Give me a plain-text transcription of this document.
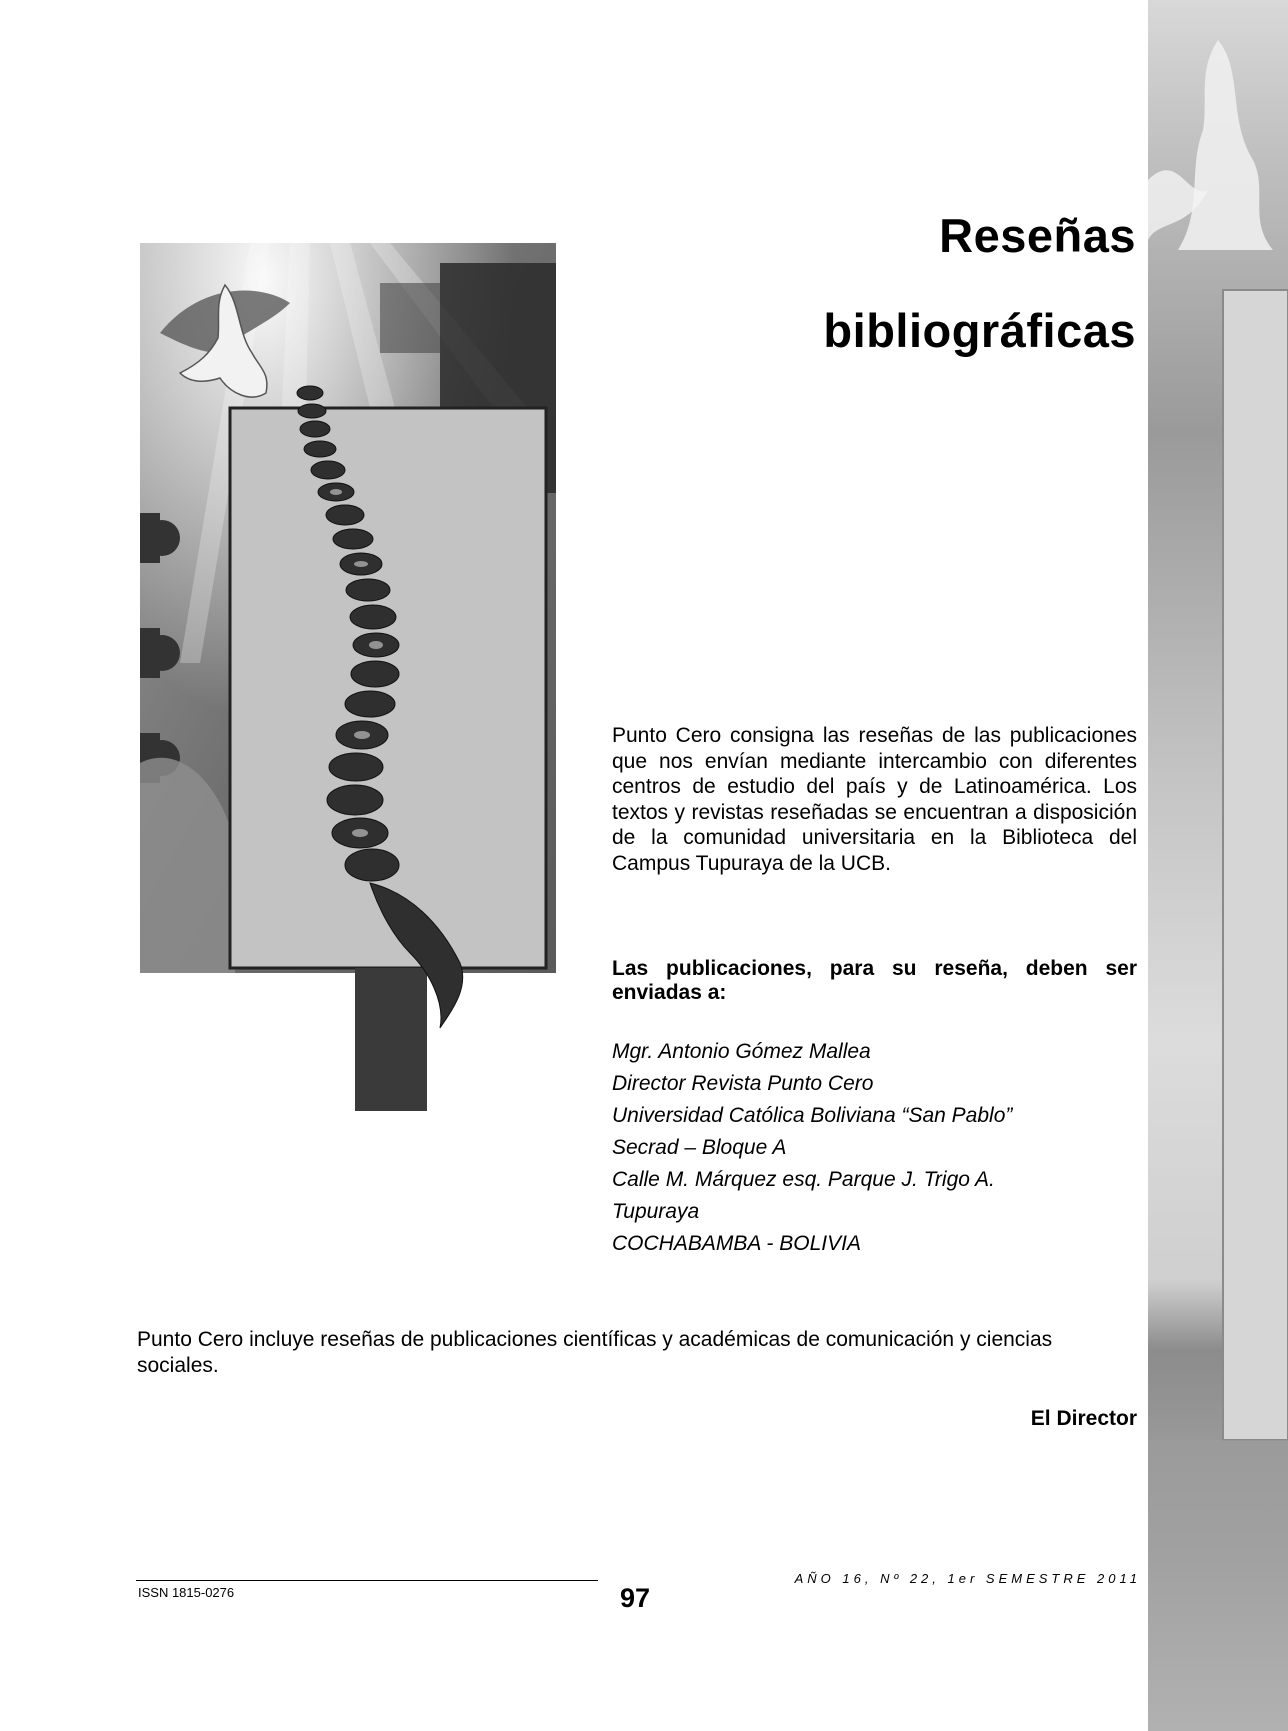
Reseñas
bibliográficas
Punto Cero consigna las reseñas de las publicaciones que nos envían mediante intercambio con diferentes centros de estudio del país y de Latinoamérica. Los textos y revistas reseñadas se encuentran a disposición de la comunidad universitaria en la Biblioteca del Campus Tupuraya de la UCB.
Las publicaciones, para su reseña, deben ser enviadas a:
Mgr. Antonio Gómez Mallea
Director Revista Punto Cero
Universidad Católica Boliviana “San Pablo”
Secrad – Bloque A
Calle M. Márquez esq. Parque J. Trigo A.
Tupuraya
COCHABAMBA - BOLIVIA
Punto Cero incluye reseñas de publicaciones científicas y académicas de comunicación y ciencias sociales.
El Director
ISSN 1815-0276	97
AÑO 16, Nº 22, 1er SEMESTRE 2011
